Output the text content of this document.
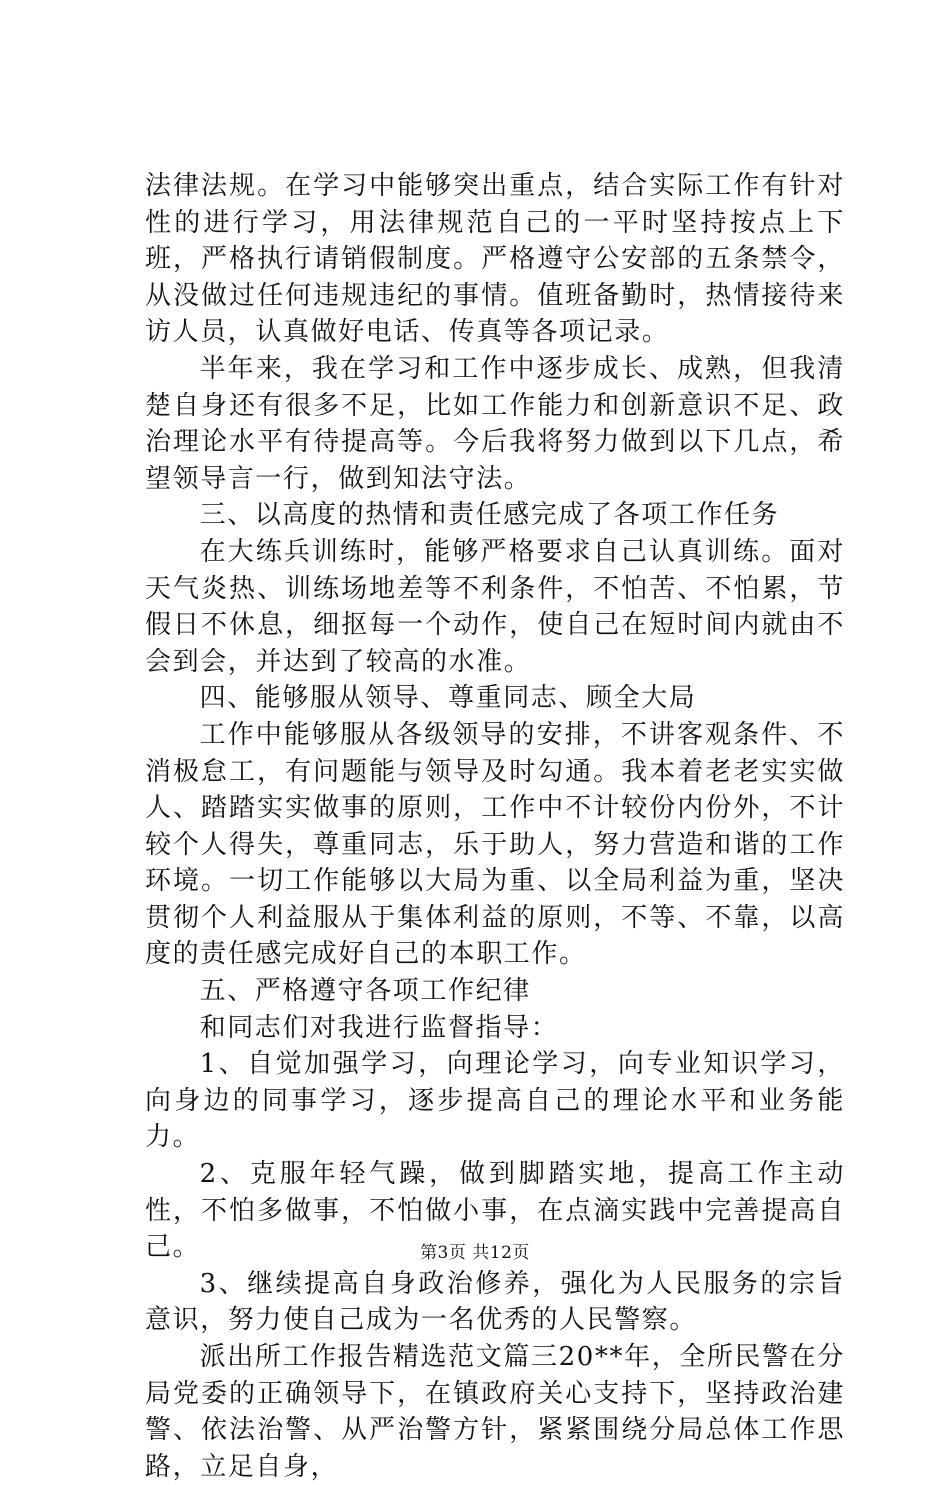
法律法规。在学习中能够突出重点，结合实际工作有针对性的进行学习，用法律规范自己的一平时坚持按点上下班，严格执行请销假制度。严格遵守公安部的五条禁令，从没做过任何违规违纪的事情。值班备勤时，热情接待来访人员，认真做好电话、传真等各项记录。

半年来，我在学习和工作中逐步成长、成熟，但我清楚自身还有很多不足，比如工作能力和创新意识不足、政治理论水平有待提高等。今后我将努力做到以下几点，希望领导言一行，做到知法守法。

三、以高度的热情和责任感完成了各项工作任务

在大练兵训练时，能够严格要求自己认真训练。面对天气炎热、训练场地差等不利条件，不怕苦、不怕累，节假日不休息，细抠每一个动作，使自己在短时间内就由不会到会，并达到了较高的水准。

四、能够服从领导、尊重同志、顾全大局

工作中能够服从各级领导的安排，不讲客观条件、不消极怠工，有问题能与领导及时勾通。我本着老老实实做人、踏踏实实做事的原则，工作中不计较份内份外，不计较个人得失，尊重同志，乐于助人，努力营造和谐的工作环境。一切工作能够以大局为重、以全局利益为重，坚决贯彻个人利益服从于集体利益的原则，不等、不靠，以高度的责任感完成好自己的本职工作。

五、严格遵守各项工作纪律

和同志们对我进行监督指导：

1、自觉加强学习，向理论学习，向专业知识学习，向身边的同事学习，逐步提高自己的理论水平和业务能力。

2、克服年轻气躁，做到脚踏实地，提高工作主动性，不怕多做事，不怕做小事，在点滴实践中完善提高自己。

3、继续提高自身政治修养，强化为人民服务的宗旨意识，努力使自己成为一名优秀的人民警察。

派出所工作报告精选范文篇三20**年，全所民警在分局党委的正确领导下，在镇政府关心支持下，坚持政治建警、依法治警、从严治警方针，紧紧围绕分局总体工作思路，立足自身，

第3页 共12页
